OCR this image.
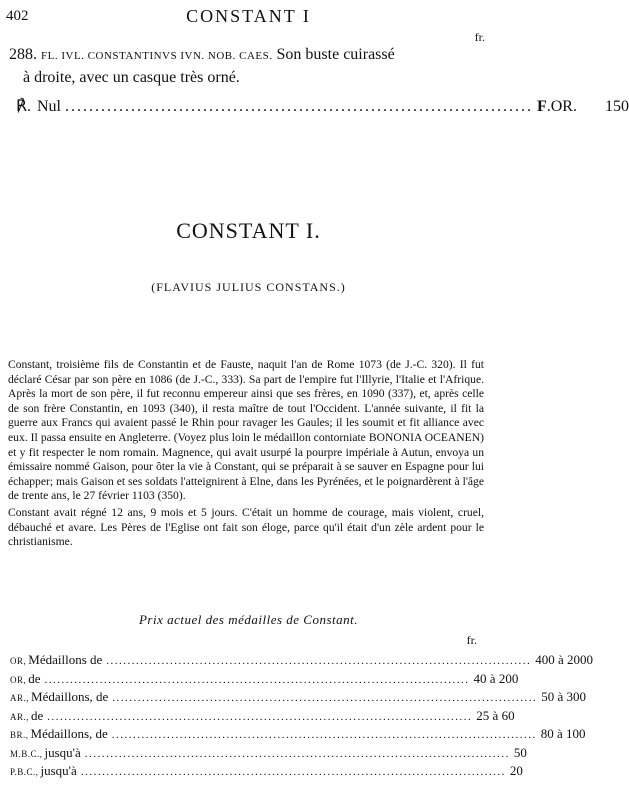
402	CONSTANT I
fr.
288. FL. IVL. CONSTANTINVS IVN. NOB. CAES. Son buste cuirassé
à droite, avec un casque très orné.
℟. Nul .............................................................................. F .OR. 150
CONSTANT I.
(FLAVIUS JULIUS CONSTANS.)

Constant, troisième fils de Constantin et de Fauste, naquit l'an de Rome 1073 (de J.-C. 320). Il fut déclaré César par son père en 1086 (de J.-C., 333). Sa part de l'empire fut l'Illyrie, l'Italie et l'Afrique. Après la mort de son père, il fut reconnu empereur ainsi que ses frères, en 1090 (337), et, après celle de son frère Constantin, en 1093 (340), il resta maître de tout l'Occident. L'année suivante, il fit la guerre aux Francs qui avaient passé le Rhin pour ravager les Gaules; il les soumit et fit alliance avec eux. Il passa ensuite en Angleterre. (Voyez plus loin le médaillon contorniate BONONIA OCEANEN) et y fit respecter le nom romain. Magnence, qui avait usurpé la pourpre impériale à Autun, envoya un émissaire nommé Gaison, pour ôter la vie à Constant, qui se préparait à se sauver en Espagne pour lui échapper; mais Gaison et ses soldats l'atteignirent à Elne, dans les Pyrénées, et le poignardèrent à l'âge de trente ans, le 27 février 1103 (350).

Constant avait régné 12 ans, 9 mois et 5 jours. C'était un homme de courage, mais violent, cruel, débauché et avare. Les Pères de l'Eglise ont fait son éloge, parce qu'il était d'un zèle ardent pour le christianisme.

Prix actuel des médailles de Constant.
fr.
OR, Médaillons de .................................................................................................... 400 à 2000
OR, de .................................................................................................... 40 à 200
AR., Médaillons, de .................................................................................................... 50 à 300
AR., de .................................................................................................... 25 à 60
BR., Médaillons, de .................................................................................................... 80 à 100
M.B.C., jusqu'à .................................................................................................... 50
P.B.C., jusqu'à .................................................................................................... 20
